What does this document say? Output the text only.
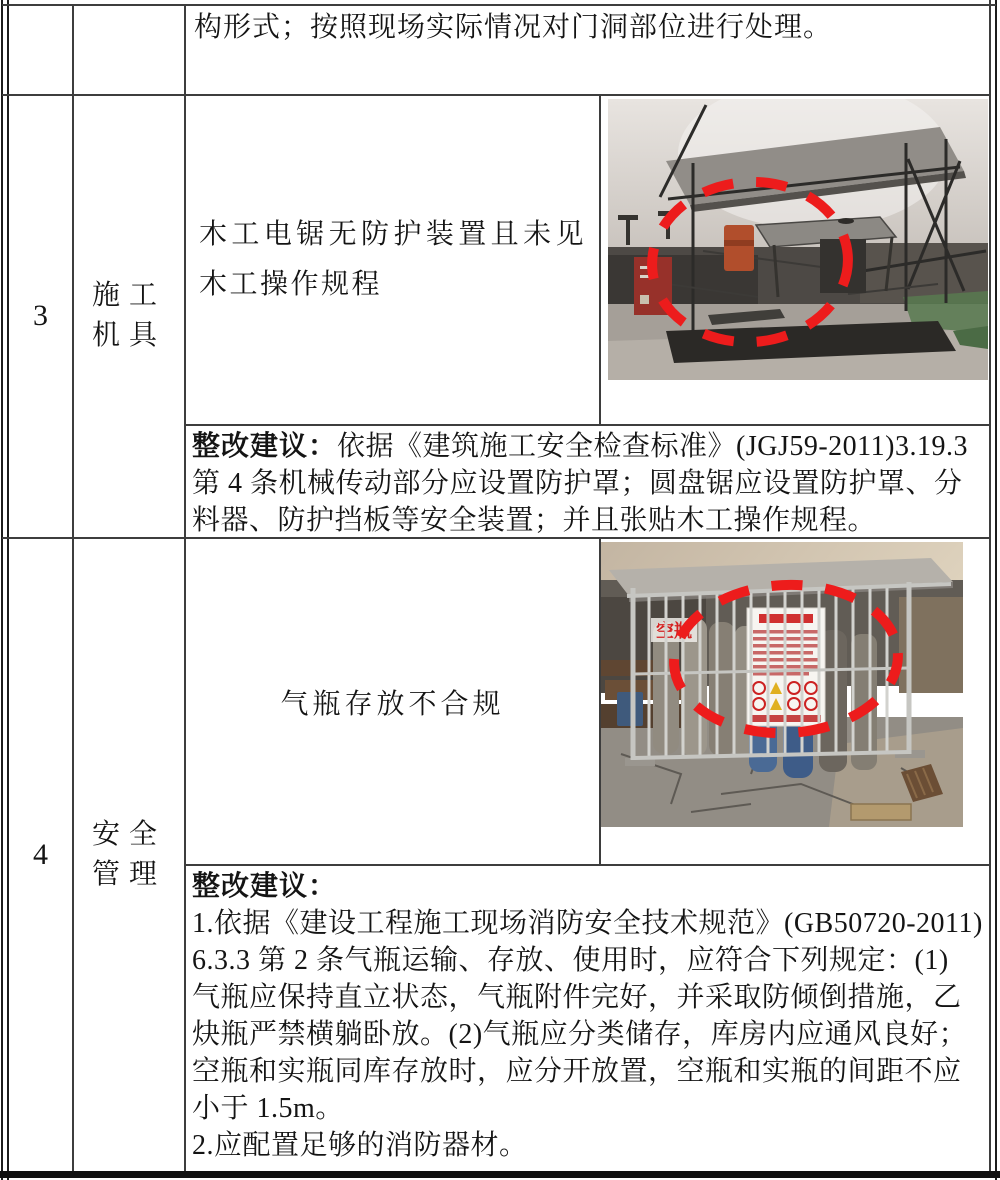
构形式；按照现场实际情况对门洞部位进行处理。
3
施工
机具
木工电锯无防护装置且未见木工操作规程
整改建议：依据《建筑施工安全检查标准》(JGJ59-2011)3.19.3
第 4 条机械传动部分应设置防护罩；圆盘锯应设置防护罩、分
料器、防护挡板等安全装置；并且张贴木工操作规程。
4
安全
管理
气瓶存放不合规
空瓶
整改建议：
1.依据《建设工程施工现场消防安全技术规范》(GB50720-2011)
6.3.3 第 2 条气瓶运输、存放、使用时，应符合下列规定：(1)
气瓶应保持直立状态，气瓶附件完好，并采取防倾倒措施，乙
炔瓶严禁横躺卧放。(2)气瓶应分类储存，库房内应通风良好；
空瓶和实瓶同库存放时，应分开放置，空瓶和实瓶的间距不应
小于 1.5m。
2.应配置足够的消防器材。
